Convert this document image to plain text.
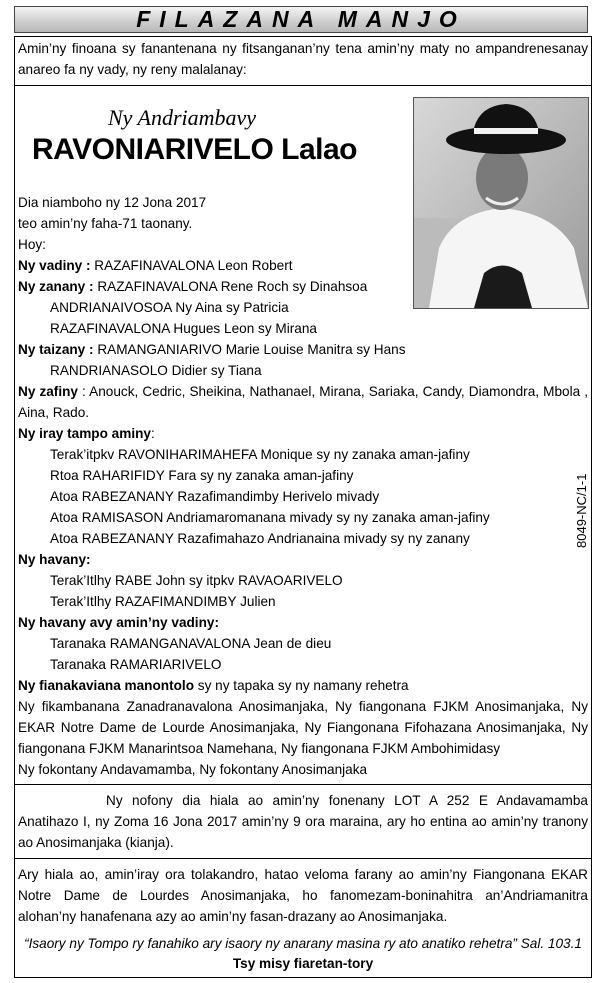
FILAZANA MANJO
Amin’ny finoana sy fanantenana ny fitsanganan’ny tena amin’ny maty no ampandrenesanay anareo fa ny vady, ny reny malalanay:
Ny Andriambavy
RAVONIARIVELO Lalao
Dia niamboho ny 12 Jona 2017
teo amin’ny faha-71 taonany.
Hoy:
Ny vadiny : RAZAFINAVALONA Leon Robert
Ny zanany : RAZAFINAVALONA Rene Roch sy Dinahsoa
ANDRIANAIVOSOA Ny Aina sy Patricia
RAZAFINAVALONA Hugues Leon sy Mirana
Ny taizany : RAMANGANIARIVO Marie Louise Manitra sy Hans
RANDRIANASOLO Didier sy Tiana
Ny zafiny : Anouck, Cedric, Sheikina, Nathanael, Mirana, Sariaka, Candy, Diamondra, Mbola , Aina, Rado.
Ny iray tampo aminy:
Terak’itpkv RAVONIHARIMAHEFA Monique sy ny zanaka aman-jafiny
Rtoa RAHARIFIDY Fara sy ny zanaka aman-jafiny
Atoa RABEZANANY Razafimandimby Herivelo mivady
Atoa RAMISASON Andriamaromanana mivady sy ny zanaka aman-jafiny
Atoa RABEZANANY Razafimahazo Andrianaina mivady sy ny zanany
Ny havany:
Terak’Itlhy RABE John sy itpkv RAVAOARIVELO
Terak’Itlhy RAZAFIMANDIMBY Julien
Ny havany avy amin’ny vadiny:
Taranaka RAMANGANAVALONA Jean de dieu
Taranaka RAMARIARIVELO
Ny fianakaviana manontolo sy ny tapaka sy ny namany rehetra
Ny fikambanana Zanadranavalona Anosimanjaka, Ny fiangonana FJKM Anosimanjaka, Ny EKAR Notre Dame de Lourde Anosimanjaka, Ny Fiangonana Fifohazana Anosimanjaka, Ny fiangonana FJKM Manarintsoa Namehana, Ny fiangonana FJKM Ambohimidasy
Ny fokontany Andavamamba, Ny fokontany Anosimanjaka
8049-NC/1-1
Ny nofony dia hiala ao amin’ny fonenany LOT A 252 E Andavamamba Anatihazo I, ny Zoma 16 Jona 2017 amin’ny 9 ora maraina, ary ho entina ao amin’ny tranony ao Anosimanjaka (kianja).
Ary hiala ao, amin’iray ora tolakandro, hatao veloma farany ao amin’ny Fiangonana EKAR Notre Dame de Lourdes Anosimanjaka, ho fanomezam-boninahitra an’Andriamanitra alohan’ny hanafenana azy ao amin’ny fasan-drazany ao Anosimanjaka.
“Isaory ny Tompo ry fanahiko ary isaory ny anarany masina ry ato anatiko rehetra” Sal. 103.1
Tsy misy fiaretan-tory
